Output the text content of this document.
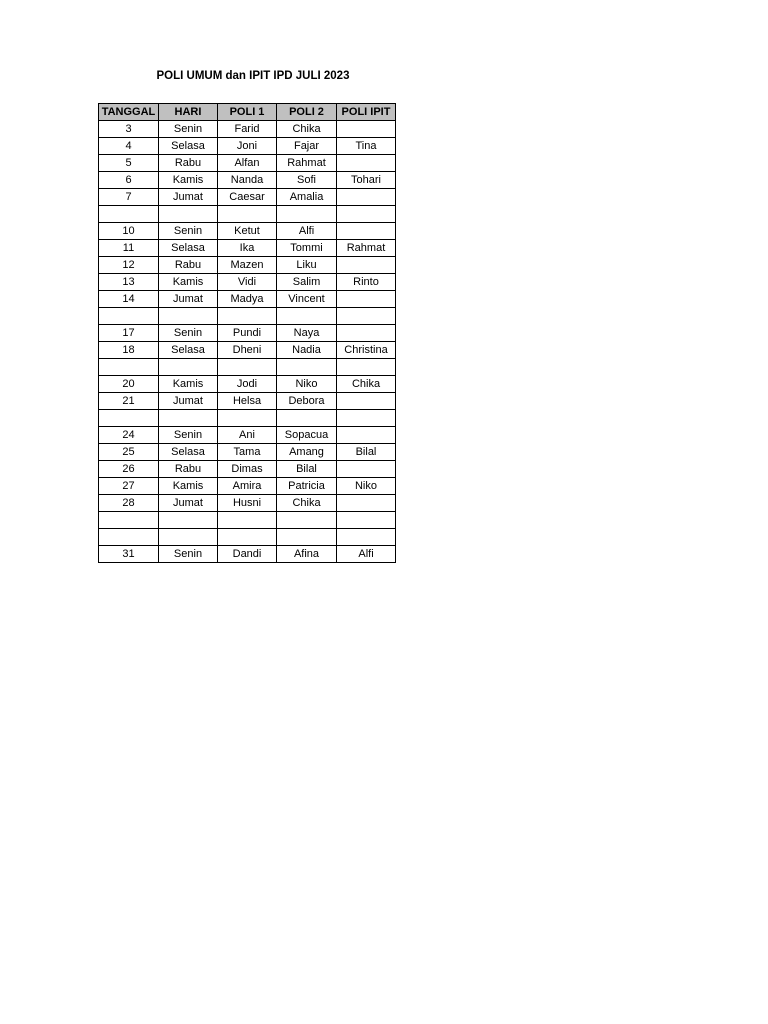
POLI UMUM dan IPIT IPD JULI 2023
TANGGAL	HARI	POLI 1	POLI 2	POLI IPIT
3	Senin	Farid	Chika	
4	Selasa	Joni	Fajar	Tina
5	Rabu	Alfan	Rahmat	
6	Kamis	Nanda	Sofi	Tohari
7	Jumat	Caesar	Amalia	

10	Senin	Ketut	Alfi	
11	Selasa	Ika	Tommi	Rahmat
12	Rabu	Mazen	Liku	
13	Kamis	Vidi	Salim	Rinto
14	Jumat	Madya	Vincent	

17	Senin	Pundi	Naya	
18	Selasa	Dheni	Nadia	Christina

20	Kamis	Jodi	Niko	Chika
21	Jumat	Helsa	Debora	

24	Senin	Ani	Sopacua	
25	Selasa	Tama	Amang	Bilal
26	Rabu	Dimas	Bilal	
27	Kamis	Amira	Patricia	Niko
28	Jumat	Husni	Chika	

31	Senin	Dandi	Afina	Alfi
